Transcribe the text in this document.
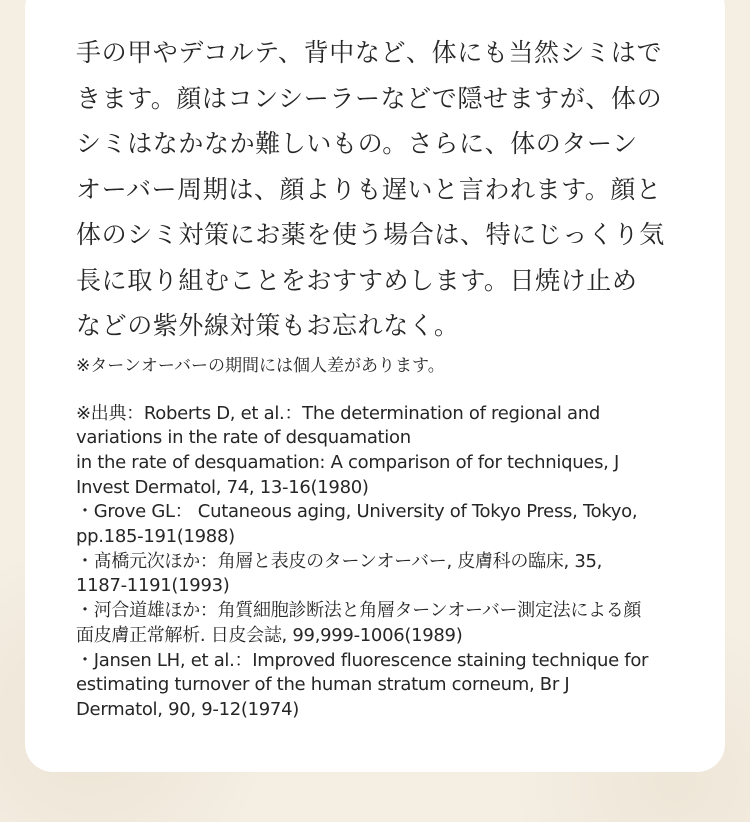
手の甲やデコルテ、背中など、体にも当然シミはで
きます。顔はコンシーラーなどで隠せますが、体の
シミはなかなか難しいもの。さらに、体のターン
オーバー周期は、顔よりも遅いと言われます。顔と
体のシミ対策にお薬を使う場合は、特にじっくり気
長に取り組むことをおすすめします。日焼け止め
などの紫外線対策もお忘れなく。

※ターンオーバーの期間には個人差があります。

※出典：Roberts D, et al.：The determination of regional and
variations in the rate of desquamation
in the rate of desquamation: A comparison of for techniques, J
Invest Dermatol, 74, 13-16(1980)
・Grove GL： Cutaneous aging, University of Tokyo Press, Tokyo,
pp.185-191(1988)
・髙橋元次ほか：角層と表皮のターンオーバー, 皮膚科の臨床, 35,
1187-1191(1993)
・河合道雄ほか：角質細胞診断法と角層ターンオーバー測定法による顔
面皮膚正常解析. 日皮会誌, 99,999-1006(1989)
・Jansen LH, et al.：Improved fluorescence staining technique for
estimating turnover of the human stratum corneum, Br J
Dermatol, 90, 9-12(1974)
